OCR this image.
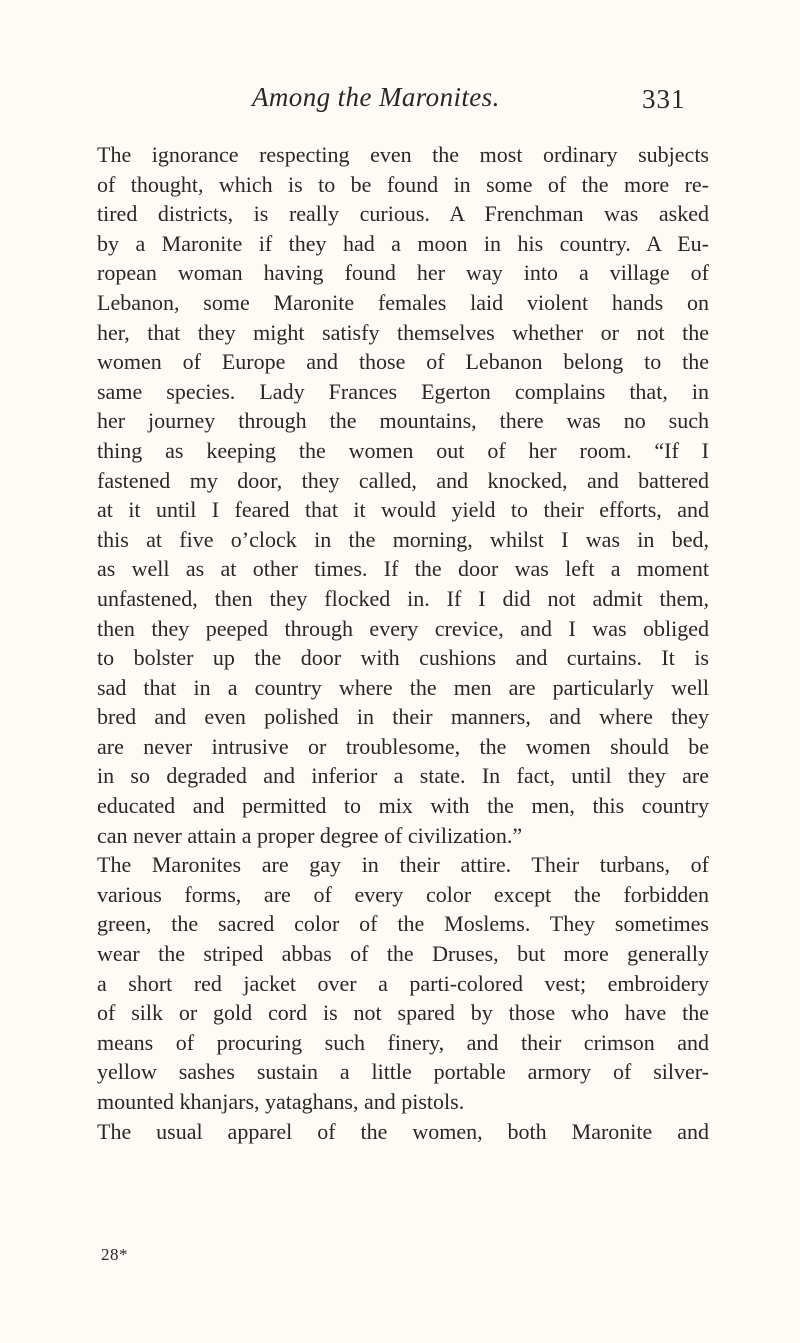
Among the Maronites.	331
The ignorance respecting even the most ordinary subjects
of thought, which is to be found in some of the more re-
tired districts, is really curious. A Frenchman was asked
by a Maronite if they had a moon in his country. A Eu-
ropean woman having found her way into a village of
Lebanon, some Maronite females laid violent hands on
her, that they might satisfy themselves whether or not the
women of Europe and those of Lebanon belong to the
same species. Lady Frances Egerton complains that, in
her journey through the mountains, there was no such
thing as keeping the women out of her room. “If I
fastened my door, they called, and knocked, and battered
at it until I feared that it would yield to their efforts, and
this at five o’clock in the morning, whilst I was in bed,
as well as at other times. If the door was left a moment
unfastened, then they flocked in. If I did not admit them,
then they peeped through every crevice, and I was obliged
to bolster up the door with cushions and curtains. It is
sad that in a country where the men are particularly well
bred and even polished in their manners, and where they
are never intrusive or troublesome, the women should be
in so degraded and inferior a state. In fact, until they are
educated and permitted to mix with the men, this country
can never attain a proper degree of civilization.”
The Maronites are gay in their attire. Their turbans, of
various forms, are of every color except the forbidden
green, the sacred color of the Moslems. They sometimes
wear the striped abbas of the Druses, but more generally
a short red jacket over a parti-colored vest; embroidery
of silk or gold cord is not spared by those who have the
means of procuring such finery, and their crimson and
yellow sashes sustain a little portable armory of silver-
mounted khanjars, yataghans, and pistols.
The usual apparel of the women, both Maronite and
28*
